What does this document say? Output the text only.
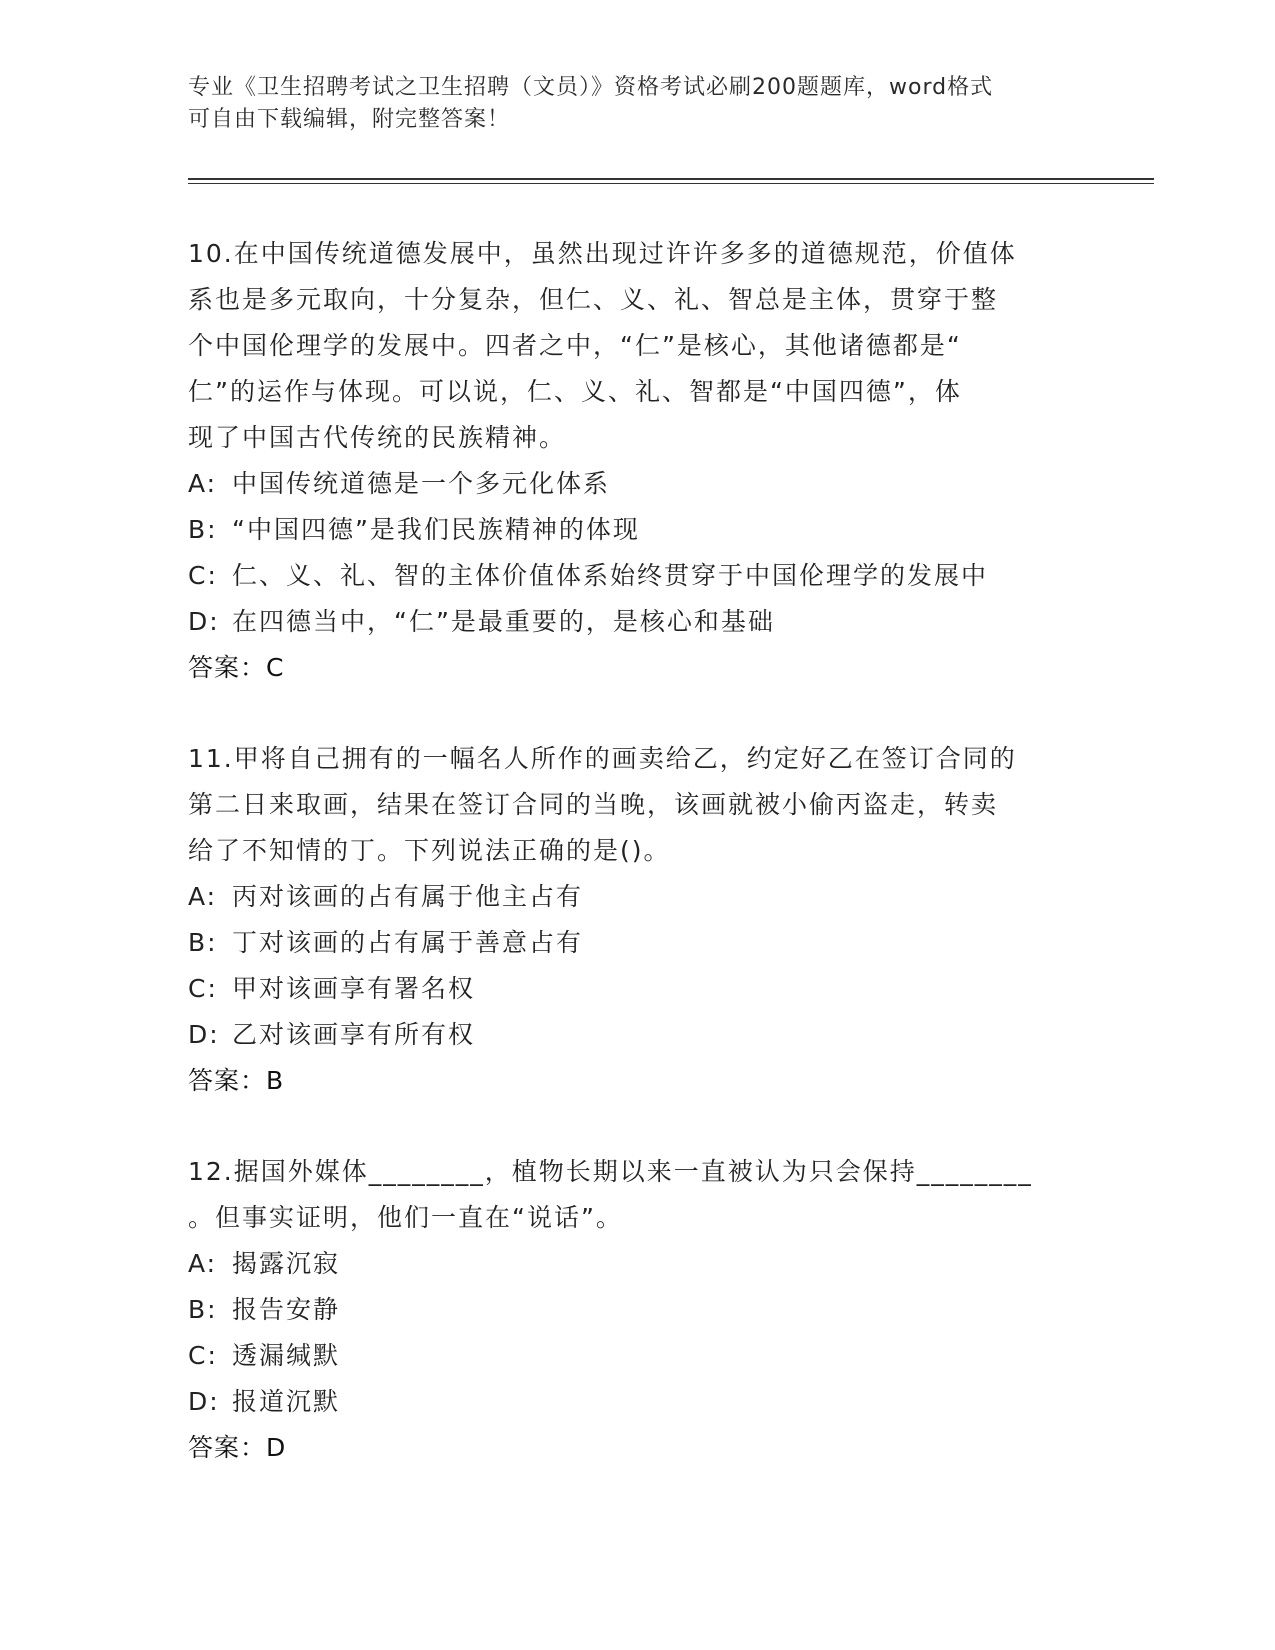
专业《卫生招聘考试之卫生招聘（文员）》资格考试必刷200题题库，word格式
可自由下载编辑，附完整答案！
10.在中国传统道德发展中，虽然出现过许许多多的道德规范，价值体
系也是多元取向，十分复杂，但仁、义、礼、智总是主体，贯穿于整
个中国伦理学的发展中。四者之中，“仁”是核心，其他诸德都是“
仁”的运作与体现。可以说，仁、义、礼、智都是“中国四德”，体
现了中国古代传统的民族精神。
A: 中国传统道德是一个多元化体系
B: “中国四德”是我们民族精神的体现
C: 仁、义、礼、智的主体价值体系始终贯穿于中国伦理学的发展中
D: 在四德当中，“仁”是最重要的，是核心和基础
答案：C
11.甲将自己拥有的一幅名人所作的画卖给乙，约定好乙在签订合同的
第二日来取画，结果在签订合同的当晚，该画就被小偷丙盗走，转卖
给了不知情的丁。下列说法正确的是()。
A: 丙对该画的占有属于他主占有
B: 丁对该画的占有属于善意占有
C: 甲对该画享有署名权
D: 乙对该画享有所有权
答案：B
12.据国外媒体________，植物长期以来一直被认为只会保持________
。但事实证明，他们一直在“说话”。
A: 揭露沉寂
B: 报告安静
C: 透漏缄默
D: 报道沉默
答案：D
